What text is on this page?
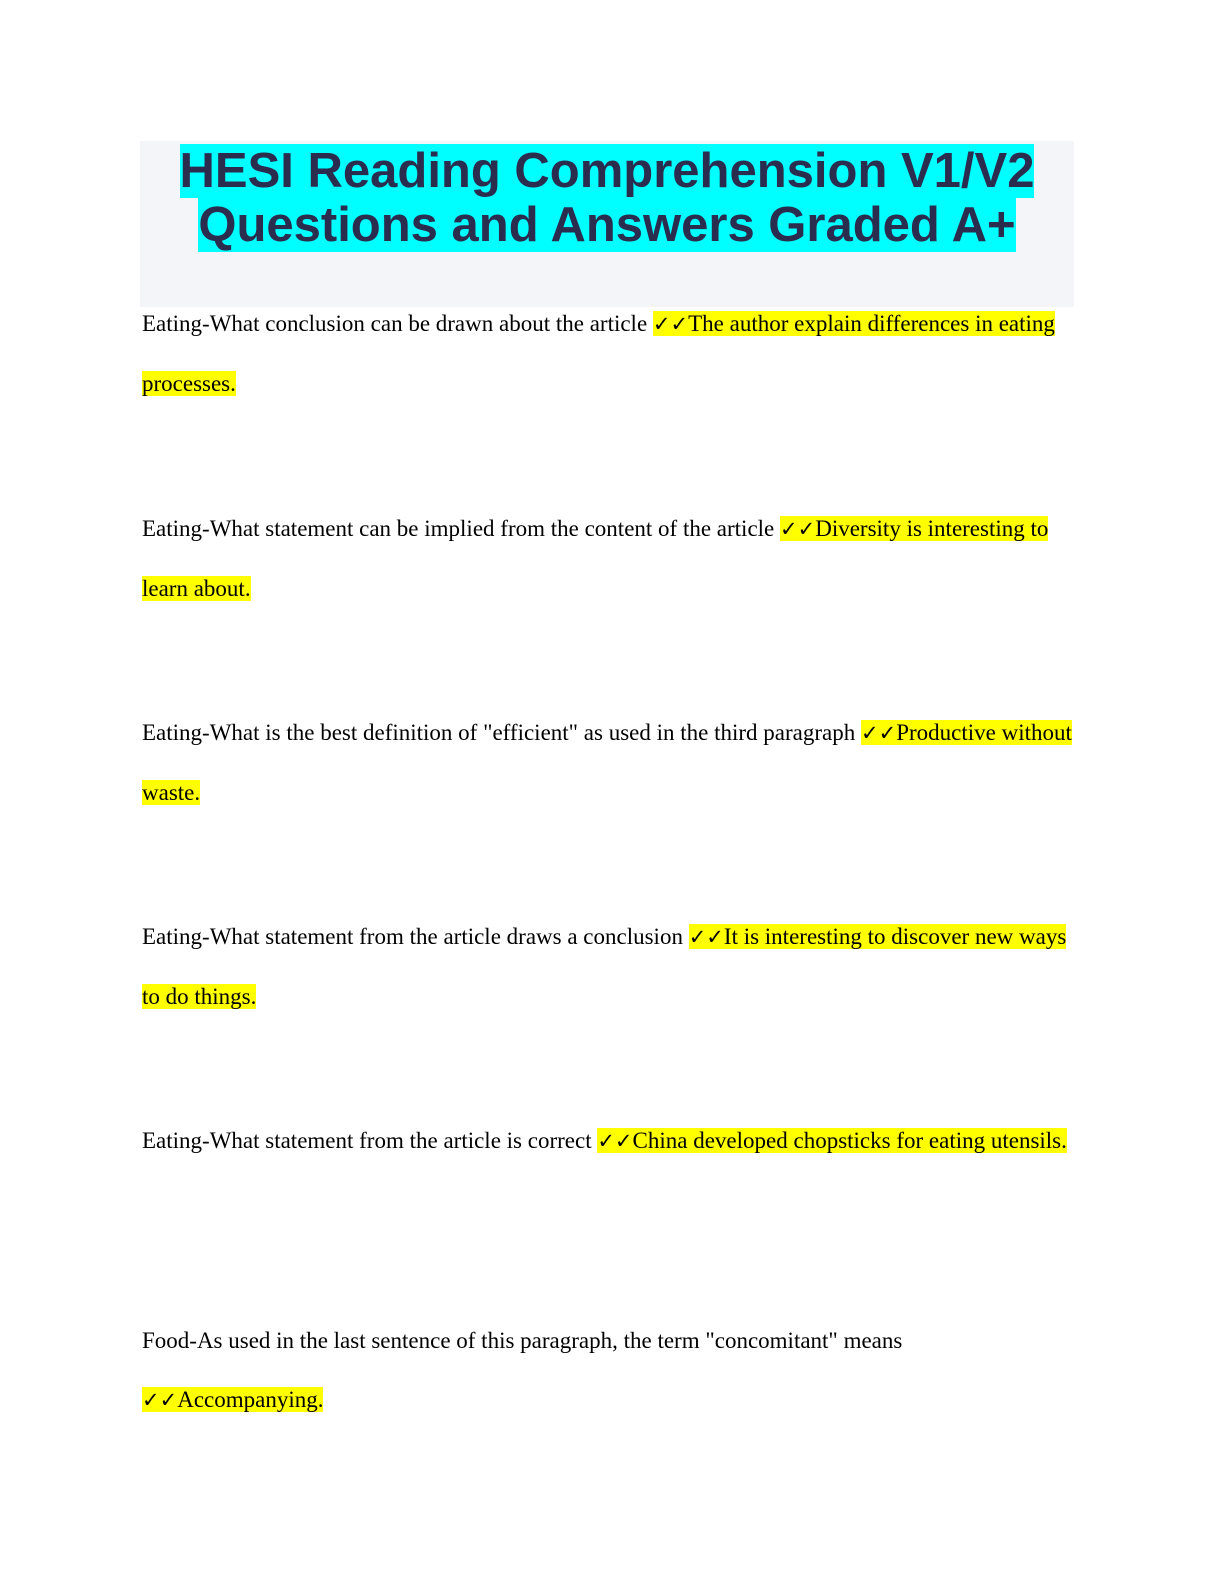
HESI Reading Comprehension V1/V2
Questions and Answers Graded A+

Eating-What conclusion can be drawn about the article ✓✓The author explain differences in eating processes.

Eating-What statement can be implied from the content of the article ✓✓Diversity is interesting to learn about.

Eating-What is the best definition of "efficient" as used in the third paragraph ✓✓Productive without waste.

Eating-What statement from the article draws a conclusion ✓✓It is interesting to discover new ways to do things.

Eating-What statement from the article is correct ✓✓China developed chopsticks for eating utensils.

Food-As used in the last sentence of this paragraph, the term "concomitant" means ✓✓Accompanying.
